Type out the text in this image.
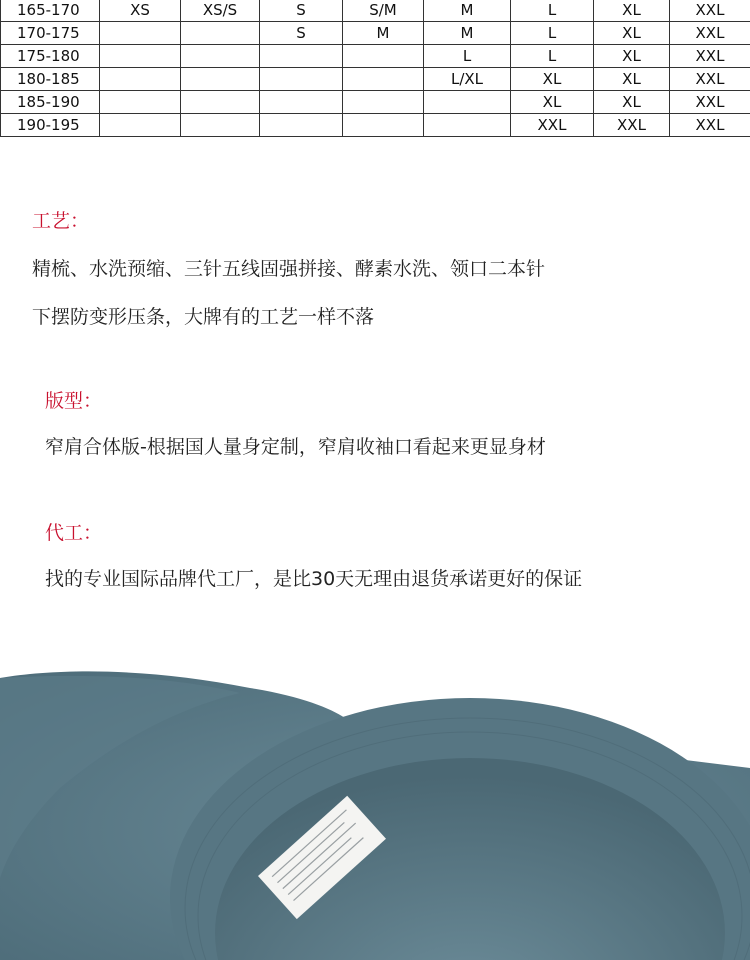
165-170	XS	XS/S	S	S/M	M	L	XL	XXL
170-175			S	M	M	L	XL	XXL
175-180					L	L	XL	XXL
180-185					L/XL	XL	XL	XXL
185-190						XL	XL	XXL
190-195						XXL	XXL	XXL
工艺：
精梳、水洗预缩、三针五线固强拼接、酵素水洗、领口二本针
下摆防变形压条，大牌有的工艺一样不落
版型：
窄肩合体版-根据国人量身定制，窄肩收袖口看起来更显身材
代工：
找的专业国际品牌代工厂，是比30天无理由退货承诺更好的保证
